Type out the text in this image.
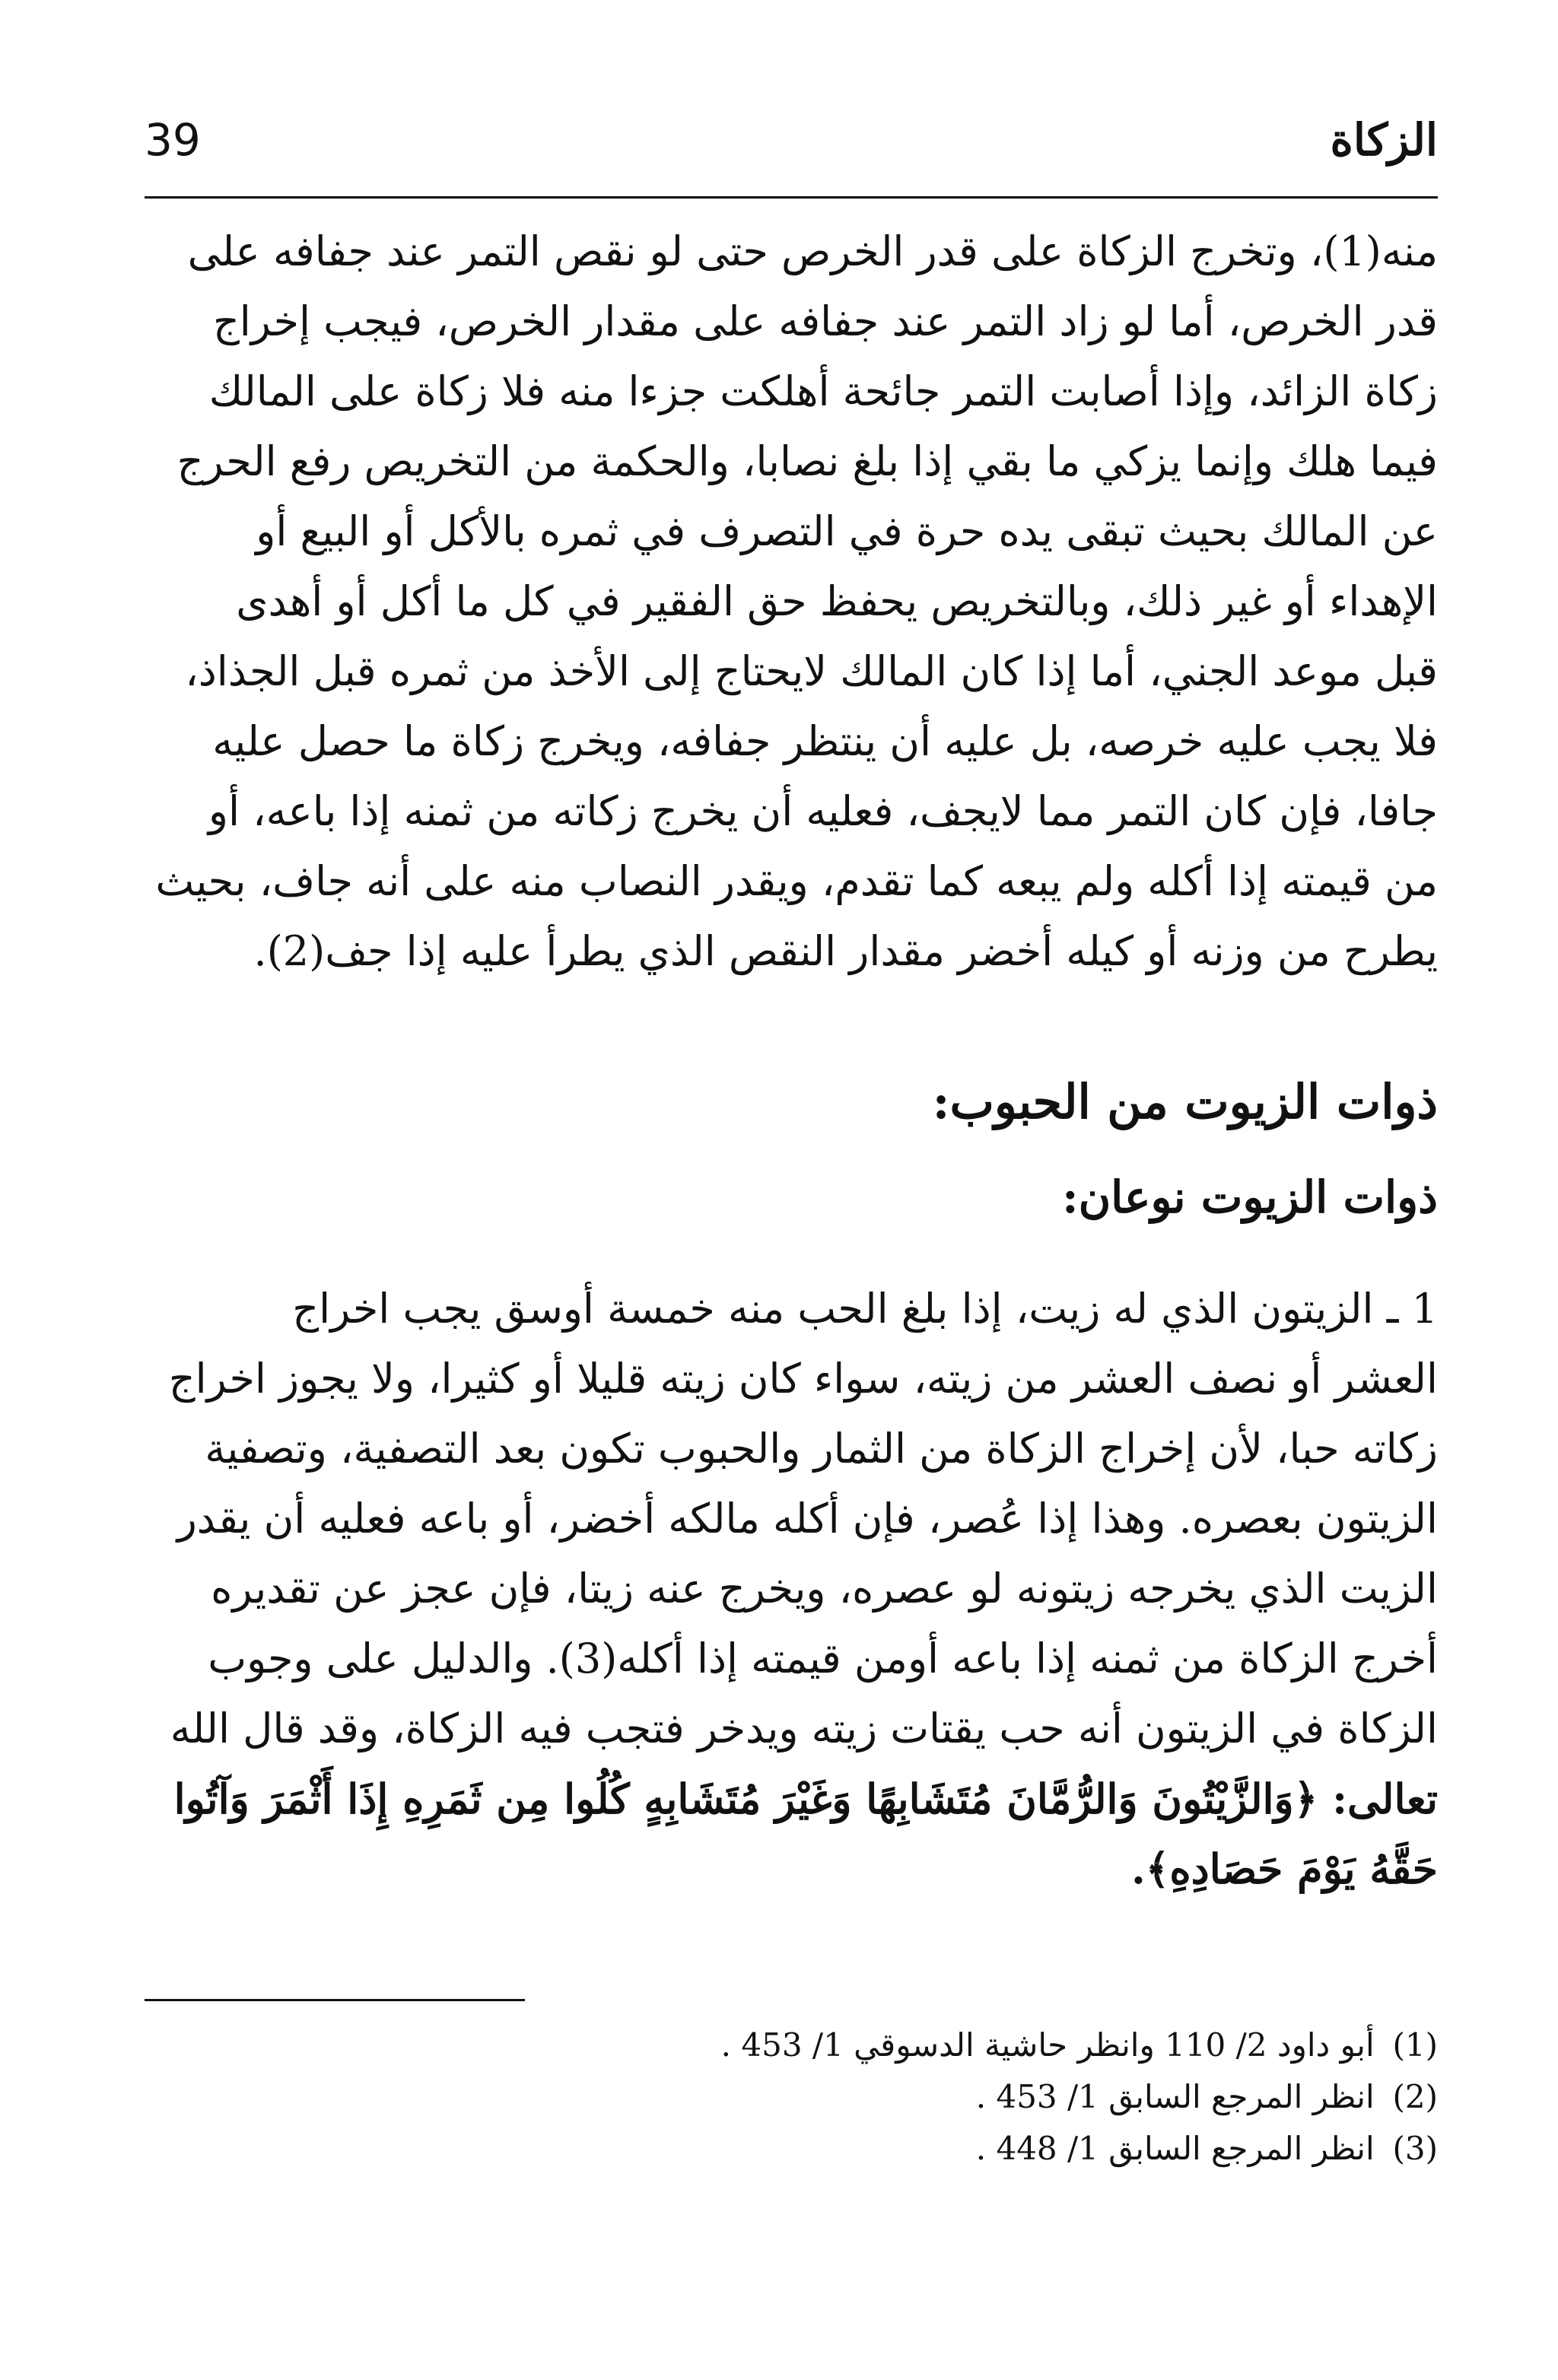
الزكاة
39
منه(1)، وتخرج الزكاة على قدر الخرص حتى لو نقص التمر عند جفافه على
قدر الخرص، أما لو زاد التمر عند جفافه على مقدار الخرص، فيجب إخراج
زكاة الزائد، وإذا أصابت التمر جائحة أهلكت جزءا منه فلا زكاة على المالك
فيما هلك وإنما يزكي ما بقي إذا بلغ نصابا، والحكمة من التخريص رفع الحرج
عن المالك بحيث تبقى يده حرة في التصرف في ثمره بالأكل أو البيع أو
الإهداء أو غير ذلك، وبالتخريص يحفظ حق الفقير في كل ما أكل أو أهدى
قبل موعد الجني، أما إذا كان المالك لايحتاج إلى الأخذ من ثمره قبل الجذاذ،
فلا يجب عليه خرصه، بل عليه أن ينتظر جفافه، ويخرج زكاة ما حصل عليه
جافا، فإن كان التمر مما لايجف، فعليه أن يخرج زكاته من ثمنه إذا باعه، أو
من قيمته إذا أكله ولم يبعه كما تقدم، ويقدر النصاب منه على أنه جاف، بحيث
يطرح من وزنه أو كيله أخضر مقدار النقص الذي يطرأ عليه إذا جف(2).
ذوات الزيوت من الحبوب:
ذوات الزيوت نوعان:
1 ـ الزيتون الذي له زيت، إذا بلغ الحب منه خمسة أوسق يجب اخراج
العشر أو نصف العشر من زيته، سواء كان زيته قليلا أو كثيرا، ولا يجوز اخراج
زكاته حبا، لأن إخراج الزكاة من الثمار والحبوب تكون بعد التصفية، وتصفية
الزيتون بعصره. وهذا إذا عُصر، فإن أكله مالكه أخضر، أو باعه فعليه أن يقدر
الزيت الذي يخرجه زيتونه لو عصره، ويخرج عنه زيتا، فإن عجز عن تقديره
أخرج الزكاة من ثمنه إذا باعه أومن قيمته إذا أكله(3). والدليل على وجوب
الزكاة في الزيتون أنه حب يقتات زيته ويدخر فتجب فيه الزكاة، وقد قال الله
تعالى: ﴿وَالزَّيْتُونَ وَالرُّمَّانَ مُتَشَابِهًا وَغَيْرَ مُتَشَابِهٍ كُلُوا مِن ثَمَرِهِ إِذَا أَثْمَرَ وَآتُوا
حَقَّهُ يَوْمَ حَصَادِهِ﴾.
(1) أبو داود 2/ 110 وانظر حاشية الدسوقي 1/ 453 .
(2) انظر المرجع السابق 1/ 453 .
(3) انظر المرجع السابق 1/ 448 .
